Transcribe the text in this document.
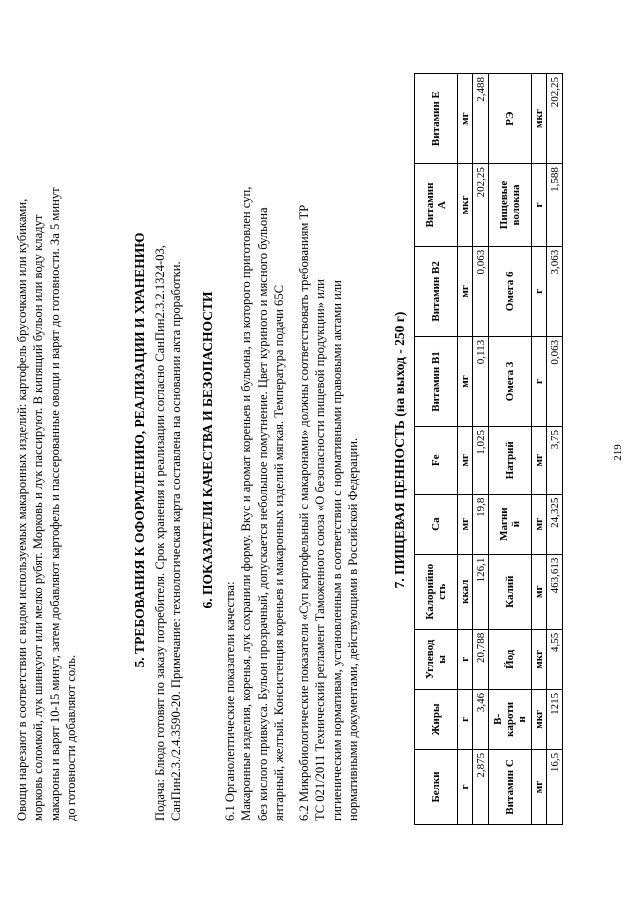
Овощи нарезают в соответствии с видом используемых макаронных изделий: картофель брусочками или кубиками, морковь соломкой, лук шинкуют или мелко рубят. Морковь и лук пассируют. В кипящий бульон или воду кладут макароны и варят 10-15 минут, затем добавляют картофель и пассерованные овощи и варят до готовности. За 5 минут до готовности добавляют соль.

5. ТРЕБОВАНИЯ К ОФОРМЛЕНИЮ, РЕАЛИЗАЦИИ И ХРАНЕНИЮ Подача: Блюдо готовят по заказу потребителя. Срок хранения и реализации согласно СанПин2.3.2.1324-03, СанПин2.3./2.4.3590-20. Примечание: технологическая карта составлена на основании акта проработки. 6. ПОКАЗАТЕЛИ КАЧЕСТВА И БЕЗОПАСНОСТИ

6.1 Органолептические показатели качества: Макаронные изделия, коренья, лук сохранили форму. Вкус и аромат кореньев и бульона, из которого приготовлен суп, без кислого привкуса. Бульон прозрачный, допускается небольшое помутнение. Цвет куриного и мясного бульона янтарный, желтый. Консистенция кореньев и макаронных изделий мягкая. Температура подачи 65С 6.2 Микробиологические показатели «Суп картофельный с макаронами» должны соответствовать требованиям ТР ТС 021/2011 Технический регламент Таможенного союза «О безопасности пищевой продукции» или гигиеническим нормативам, установленным в соответствии с нормативными правовыми актами или нормативными документами, действующими в Российской Федерации. 7. ПИЩЕВАЯ ЦЕННОСТЬ (на выход - 250 г)
Белки	Жиры	Углевод
ы	Калорийно
сть	Ca	Fe	Витамин B1	Витамин B2	Витамин
A	Витамин E
г	г	г	ккал	мг	мг	мг	мг	мкг	мг
2,875	3,46	20,788	126,1	19,8	1,025	0,113	0,063	202,25	2,488
Витамин C	B-
кароти
н	Йод	Калий	Магни
й	Натрий	Омега 3	Омега 6	Пищевые
волокна	РЭ
мг	мкг	мкг	мг	мг	мг	г	г	г	мкг
16,5	1215	4,55	463,613	24,325	3,75	0,063	3,063	1,588	202,25
219
